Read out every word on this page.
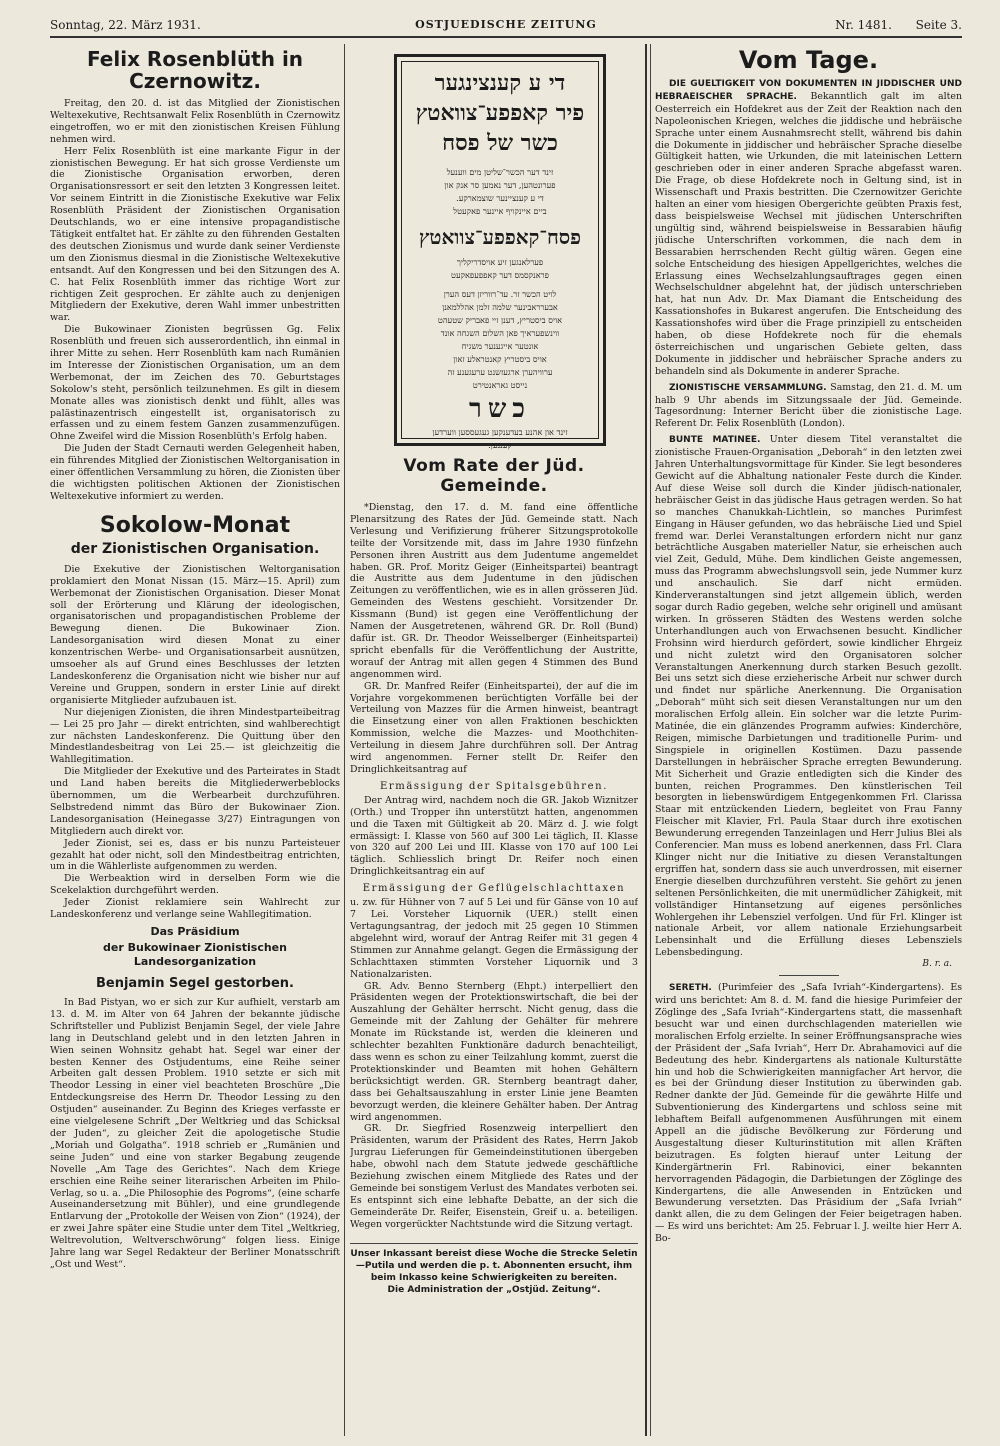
Sonntag, 22. März 1931.	OSTJUEDISCHE ZEITUNG	Nr. 1481. Seite 3.
Felix Rosenblüth in Czernowitz.

Freitag, den 20. d. ist das Mitglied der Zionistischen Weltexekutive, Rechtsanwalt Felix Rosenblüth in Czernowitz eingetroffen, wo er mit den zionistischen Kreisen Fühlung nehmen wird.

Herr Felix Rosenblüth ist eine markante Figur in der zionistischen Bewegung. Er hat sich grosse Verdienste um die Zionistische Organisation erworben, deren Organisationsressort er seit den letzten 3 Kongressen leitet. Vor seinem Eintritt in die Zionistische Exekutive war Felix Rosenblüth Präsident der Zionistischen Organisation Deutschlands, wo er eine intensive propagandistische Tätigkeit entfaltet hat. Er zählte zu den führenden Gestalten des deutschen Zionismus und wurde dank seiner Verdienste um den Zionismus diesmal in die Zionistische Weltexekutive entsandt. Auf den Kongressen und bei den Sitzungen des A. C. hat Felix Rosenblüth immer das richtige Wort zur richtigen Zeit gesprochen. Er zählte auch zu denjenigen Mitgliedern der Exekutive, deren Wahl immer unbestritten war.

Die Bukowinaer Zionisten begrüssen Gg. Felix Rosenblüth und freuen sich ausserordentlich, ihn einmal in ihrer Mitte zu sehen. Herr Rosenblüth kam nach Rumänien im Interesse der Zionistischen Organisation, um an dem Werbemonat, der im Zeichen des 70. Geburtstages Sokolow's steht, persönlich teilzunehmen. Es gilt in diesem Monate alles was zionistisch denkt und fühlt, alles was palästinazentrisch eingestellt ist, organisatorisch zu erfassen und zu einem festem Ganzen zusammenzufügen. Ohne Zweifel wird die Mission Rosenblüth's Erfolg haben.

Die Juden der Stadt Cernauti werden Gelegenheit haben, ein führendes Mitglied der Zionistischen Weltorganisation in einer öffentlichen Versammlung zu hören, die Zionisten über die wichtigsten politischen Aktionen der Zionistischen Weltexekutive informiert zu werden.

Sokolow-Monat
der Zionistischen Organisation.

Die Exekutive der Zionistischen Weltorganisation proklamiert den Monat Nissan (15. März—15. April) zum Werbemonat der Zionistischen Organisation. Dieser Monat soll der Erörterung und Klärung der ideologischen, organisatorischen und propagandistischen Probleme der Bewegung dienen. Die Bukowinaer Zion. Landesorganisation wird diesen Monat zu einer konzentrischen Werbe- und Organisationsarbeit ausnützen, umsoeher als auf Grund eines Beschlusses der letzten Landeskonferenz die Organisation nicht wie bisher nur auf Vereine und Gruppen, sondern in erster Linie auf direkt organisierte Mitglieder aufzubauen ist.

Nur diejenigen Zionisten, die ihren Mindestparteibeitrag — Lei 25 pro Jahr — direkt entrichten, sind wahlberechtigt zur nächsten Landeskonferenz. Die Quittung über den Mindestlandesbeitrag von Lei 25.— ist gleichzeitig die Wahllegitimation.

Die Mitglieder der Exekutive und des Parteirates in Stadt und Land haben bereits die Mitgliederwerbeblocks übernommen, um die Werbearbeit durchzuführen. Selbstredend nimmt das Büro der Bukowinaer Zion. Landesorganisation (Heinegasse 3/27) Eintragungen von Mitgliedern auch direkt vor.

Jeder Zionist, sei es, dass er bis nunzu Parteisteuer gezahlt hat oder nicht, soll den Mindestbeitrag entrichten, um in die Wählerliste aufgenommen zu werden.

Die Werbeaktion wird in derselben Form wie die Scekelaktion durchgeführt werden.

Jeder Zionist reklamiere sein Wahlrecht zur Landeskonferenz und verlange seine Wahllegitimation.

Das Präsidium

der Bukowinaer Zionistischen Landesorganization

Benjamin Segel gestorben.

In Bad Pistyan, wo er sich zur Kur aufhielt, verstarb am 13. d. M. im Alter von 64 Jahren der bekannte jüdische Schriftsteller und Publizist Benjamin Segel, der viele Jahre lang in Deutschland gelebt und in den letzten Jahren in Wien seinen Wohnsitz gehabt hat. Segel war einer der besten Kenner des Ostjudentums, eine Reihe seiner Arbeiten galt dessen Problem. 1910 setzte er sich mit Theodor Lessing in einer viel beachteten Broschüre „Die Entdeckungsreise des Herrn Dr. Theodor Lessing zu den Ostjuden“ auseinander. Zu Beginn des Krieges verfasste er eine vielgelesene Schrift „Der Weltkrieg und das Schicksal der Juden“, zu gleicher Zeit die apologetische Studie „Moriah und Golgatha“. 1918 schrieb er „Rumänien und seine Juden“ und eine von starker Begabung zeugende Novelle „Am Tage des Gerichtes“. Nach dem Kriege erschien eine Reihe seiner literarischen Arbeiten im Philo-Verlag, so u. a. „Die Philosophie des Pogroms“, (eine scharfe Auseinandersetzung mit Bühler), und eine grundlegende Entlarvung der „Protokolle der Weisen von Zion“ (1924), der er zwei Jahre später eine Studie unter dem Titel „Weltkrieg, Weltrevolution, Weltverschwörung“ folgen liess. Einige Jahre lang war Segel Redakteur der Berliner Monatsschrift „Ost und West“.

די ע קענצינגער
פיר קאפפע־צוואטץ
כשר של פסח
זינד דער הכשר־שליטן מים ווענעל
פערונטהען, דער נאמען סר אנק און
די ע קענציינער שוצמארקע.
ביים איינקויף איינער פאקעטל
פסח־קאפפע־צוואטץ
פערלאנגען זיע אויסדריקליך
פראנקסמס דער קאפפעפאקעט
לויט הכשר זר. עד־רווריזן דעס הערן
אבערראבינער שלמה זלמן אהללמאנן
אויס ביסטריץ, דענן זיי פאבריק שטעהט
ווינשפעראיך פאן השלום השגחה אונד
אונטער אייגענער משגיח
אויס ביסטריץ קאנטראלע זאון
ערוויהערן ארגעזשנט ערעגענע זה
נייסט גאראנטירט
כשר
זינד און אהנע בעדענקען געגעססען ווערדען
קעננען.
Vom Rate der Jüd. Gemeinde.

*Dienstag, den 17. d. M. fand eine öffentliche Plenarsitzung des Rates der Jüd. Gemeinde statt. Nach Verlesung und Verifizierung früherer Sitzungsprotokolle teilte der Vorsitzende mit, dass im Jahre 1930 fünfzehn Personen ihren Austritt aus dem Judentume angemeldet haben. GR. Prof. Moritz Geiger (Einheitspartei) beantragt die Austritte aus dem Judentume in den jüdischen Zeitungen zu veröffentlichen, wie es in allen grösseren Jüd. Gemeinden des Westens geschieht. Vorsitzender Dr. Kissmann (Bund) ist gegen eine Veröffentlichung der Namen der Ausgetretenen, während GR. Dr. Roll (Bund) dafür ist. GR. Dr. Theodor Weisselberger (Einheitspartei) spricht ebenfalls für die Veröffentlichung der Austritte, worauf der Antrag mit allen gegen 4 Stimmen des Bund angenommen wird.

GR. Dr. Manfred Reifer (Einheitspartei), der auf die im Vorjahre vorgekommenen berüchtigten Vorfälle bei der Verteilung von Mazzes für die Armen hinweist, beantragt die Einsetzung einer von allen Fraktionen beschickten Kommission, welche die Mazzes- und Moothchiten-Verteilung in diesem Jahre durchführen soll. Der Antrag wird angenommen. Ferner stellt Dr. Reifer den Dringlichkeitsantrag auf

Ermässigung der Spitalsgebühren.

Der Antrag wird, nachdem noch die GR. Jakob Wiznitzer (Orth.) und Tropper ihn unterstützt hatten, angenommen und die Taxen mit Gültigkeit ab 20. März d. J. wie folgt ermässigt: I. Klasse von 560 auf 300 Lei täglich, II. Klasse von 320 auf 200 Lei und III. Klasse von 170 auf 100 Lei täglich. Schliesslich bringt Dr. Reifer noch einen Dringlichkeitsantrag ein auf

Ermässigung der Geflügelschlachttaxen

u. zw. für Hühner von 7 auf 5 Lei und für Gänse von 10 auf 7 Lei. Vorsteher Liquornik (UER.) stellt einen Vertagungsantrag, der jedoch mit 25 gegen 10 Stimmen abgelehnt wird, worauf der Antrag Reifer mit 31 gegen 4 Stimmen zur Annahme gelangt. Gegen die Ermässigung der Schlachttaxen stimmten Vorsteher Liquornik und 3 Nationalzaristen.

GR. Adv. Benno Sternberg (Ehpt.) interpelliert den Präsidenten wegen der Protektionswirtschaft, die bei der Auszahlung der Gehälter herrscht. Nicht genug, dass die Gemeinde mit der Zahlung der Gehälter für mehrere Monate im Rückstande ist, werden die kleineren und schlechter bezahlten Funktionäre dadurch benachteiligt, dass wenn es schon zu einer Teilzahlung kommt, zuerst die Protektionskinder und Beamten mit hohen Gehältern berücksichtigt werden. GR. Sternberg beantragt daher, dass bei Gehaltsauszahlung in erster Linie jene Beamten bevorzugt werden, die kleinere Gehälter haben. Der Antrag wird angenommen.

GR. Dr. Siegfried Rosenzweig interpelliert den Präsidenten, warum der Präsident des Rates, Herrn Jakob Jurgrau Lieferungen für Gemeindeinstitutionen übergeben habe, obwohl nach dem Statute jedwede geschäftliche Beziehung zwischen einem Mitgliede des Rates und der Gemeinde bei sonstigem Verlust des Mandates verboten sei. Es entspinnt sich eine lebhafte Debatte, an der sich die Gemeinderäte Dr. Reifer, Eisenstein, Greif u. a. beteiligen. Wegen vorgerückter Nachtstunde wird die Sitzung vertagt.

Unser Inkassant bereist diese Woche die Strecke Seletin—Putila und werden die p. t. Abonnenten ersucht, ihm beim Inkasso keine Schwierigkeiten zu bereiten.
Die Administration der „Ostjüd. Zeitung“.
Vom Tage.

DIE GUELTIGKEIT VON DOKUMENTEN IN JIDDISCHER UND HEBRAEISCHER SPRACHE. Bekanntlich galt im alten Oesterreich ein Hofdekret aus der Zeit der Reaktion nach den Napoleonischen Kriegen, welches die jiddische und hebräische Sprache unter einem Ausnahmsrecht stellt, während bis dahin die Dokumente in jiddischer und hebräischer Sprache dieselbe Gültigkeit hatten, wie Urkunden, die mit lateinischen Lettern geschrieben oder in einer anderen Sprache abgefasst waren. Die Frage, ob diese Hofdekrete noch in Geltung sind, ist in Wissenschaft und Praxis bestritten. Die Czernowitzer Gerichte halten an einer vom hiesigen Obergerichte geübten Praxis fest, dass beispielsweise Wechsel mit jüdischen Unterschriften ungültig sind, während beispielsweise in Bessarabien häufig jüdische Unterschriften vorkommen, die nach dem in Bessarabien herrschenden Recht gültig wären. Gegen eine solche Entscheidung des hiesigen Appellgerichtes, welches die Erlassung eines Wechselzahlungsauftrages gegen einen Wechselschuldner abgelehnt hat, der jüdisch unterschrieben hat, hat nun Adv. Dr. Max Diamant die Entscheidung des Kassationshofes in Bukarest angerufen. Die Entscheidung des Kassationshofes wird über die Frage prinzipiell zu entscheiden haben, ob diese Hofdekrete noch für die ehemals österreichischen und ungarischen Gebiete gelten, dass Dokumente in jiddischer und hebräischer Sprache anders zu behandeln sind als Dokumente in anderer Sprache.

ZIONISTISCHE VERSAMMLUNG. Samstag, den 21. d. M. um halb 9 Uhr abends im Sitzungssaale der Jüd. Gemeinde. Tagesordnung: Interner Bericht über die zionistische Lage. Referent Dr. Felix Rosenblüth (London).

BUNTE MATINEE. Unter diesem Titel veranstaltet die zionistische Frauen-Organisation „Deborah“ in den letzten zwei Jahren Unterhaltungsvormittage für Kinder. Sie legt besonderes Gewicht auf die Abhaltung nationaler Feste durch die Kinder. Auf diese Weise soll durch die Kinder jüdisch-nationaler, hebräischer Geist in das jüdische Haus getragen werden. So hat so manches Chanukkah-Lichtlein, so manches Purimfest Eingang in Häuser gefunden, wo das hebräische Lied und Spiel fremd war. Derlei Veranstaltungen erfordern nicht nur ganz beträchtliche Ausgaben materieller Natur, sie erheischen auch viel Zeit, Geduld, Mühe. Dem kindlichen Geiste angemessen, muss das Programm abwechslungsvoll sein, jede Nummer kurz und anschaulich. Sie darf nicht ermüden. Kinderveranstaltungen sind jetzt allgemein üblich, werden sogar durch Radio gegeben, welche sehr originell und amüsant wirken. In grösseren Städten des Westens werden solche Unterhandlungen auch von Erwachsenen besucht. Kindlicher Frohsinn wird hierdurch gefördert, sowie kindlicher Ehrgeiz und nicht zuletzt wird den Organisatoren solcher Veranstaltungen Anerkennung durch starken Besuch gezollt. Bei uns setzt sich diese erzieherische Arbeit nur schwer durch und findet nur spärliche Anerkennung. Die Organisation „Deborah“ müht sich seit diesen Veranstaltungen nur um den moralischen Erfolg allein. Ein solcher war die letzte Purim-Matinée, die ein glänzendes Programm aufwies: Kinderchöre, Reigen, mimische Darbietungen und traditionelle Purim- und Singspiele in originellen Kostümen. Dazu passende Darstellungen in hebräischer Sprache erregten Bewunderung. Mit Sicherheit und Grazie entledigten sich die Kinder des bunten, reichen Programmes. Den künstlerischen Teil besorgten in liebenswürdigem Entgegenkommen Frl. Clarissa Staar mit entzückenden Liedern, begleitet von Frau Fanny Fleischer mit Klavier, Frl. Paula Staar durch ihre exotischen Bewunderung erregenden Tanzeinlagen und Herr Julius Blei als Conferencier. Man muss es lobend anerkennen, dass Frl. Clara Klinger nicht nur die Initiative zu diesen Veranstaltungen ergriffen hat, sondern dass sie auch unverdrossen, mit eiserner Energie dieselben durchzuführen versteht. Sie gehört zu jenen seltenen Persönlichkeiten, die mit unermüdlicher Zähigkeit, mit vollständiger Hintansetzung auf eigenes persönliches Wohlergehen ihr Lebensziel verfolgen. Und für Frl. Klinger ist nationale Arbeit, vor allem nationale Erziehungsarbeit Lebensinhalt und die Erfüllung dieses Lebensziels Lebensbedingung.

B. r. a.

SERETH. (Purimfeier des „Safa Ivriah“-Kindergartens). Es wird uns berichtet: Am 8. d. M. fand die hiesige Purimfeier der Zöglinge des „Safa Ivriah“-Kindergartens statt, die massenhaft besucht war und einen durchschlagenden materiellen wie moralischen Erfolg erzielte. In seiner Eröffnungsansprache wies der Präsident der „Safa Ivriah“, Herr Dr. Abrahamovici auf die Bedeutung des hebr. Kindergartens als nationale Kulturstätte hin und hob die Schwierigkeiten mannigfacher Art hervor, die es bei der Gründung dieser Institution zu überwinden gab. Redner dankte der Jüd. Gemeinde für die gewährte Hilfe und Subventionierung des Kindergartens und schloss seine mit lebhaftem Beifall aufgenommenen Ausführungen mit einem Appell an die jüdische Bevölkerung zur Förderung und Ausgestaltung dieser Kulturinstitution mit allen Kräften beizutragen. Es folgten hierauf unter Leitung der Kindergärtnerin Frl. Rabinovici, einer bekannten hervorragenden Pädagogin, die Darbietungen der Zöglinge des Kindergartens, die alle Anwesenden in Entzücken und Bewunderung versetzten. Das Präsidium der „Safa Ivriah“ dankt allen, die zu dem Gelingen der Feier beigetragen haben. — Es wird uns berichtet: Am 25. Februar l. J. weilte hier Herr A. Bo-
